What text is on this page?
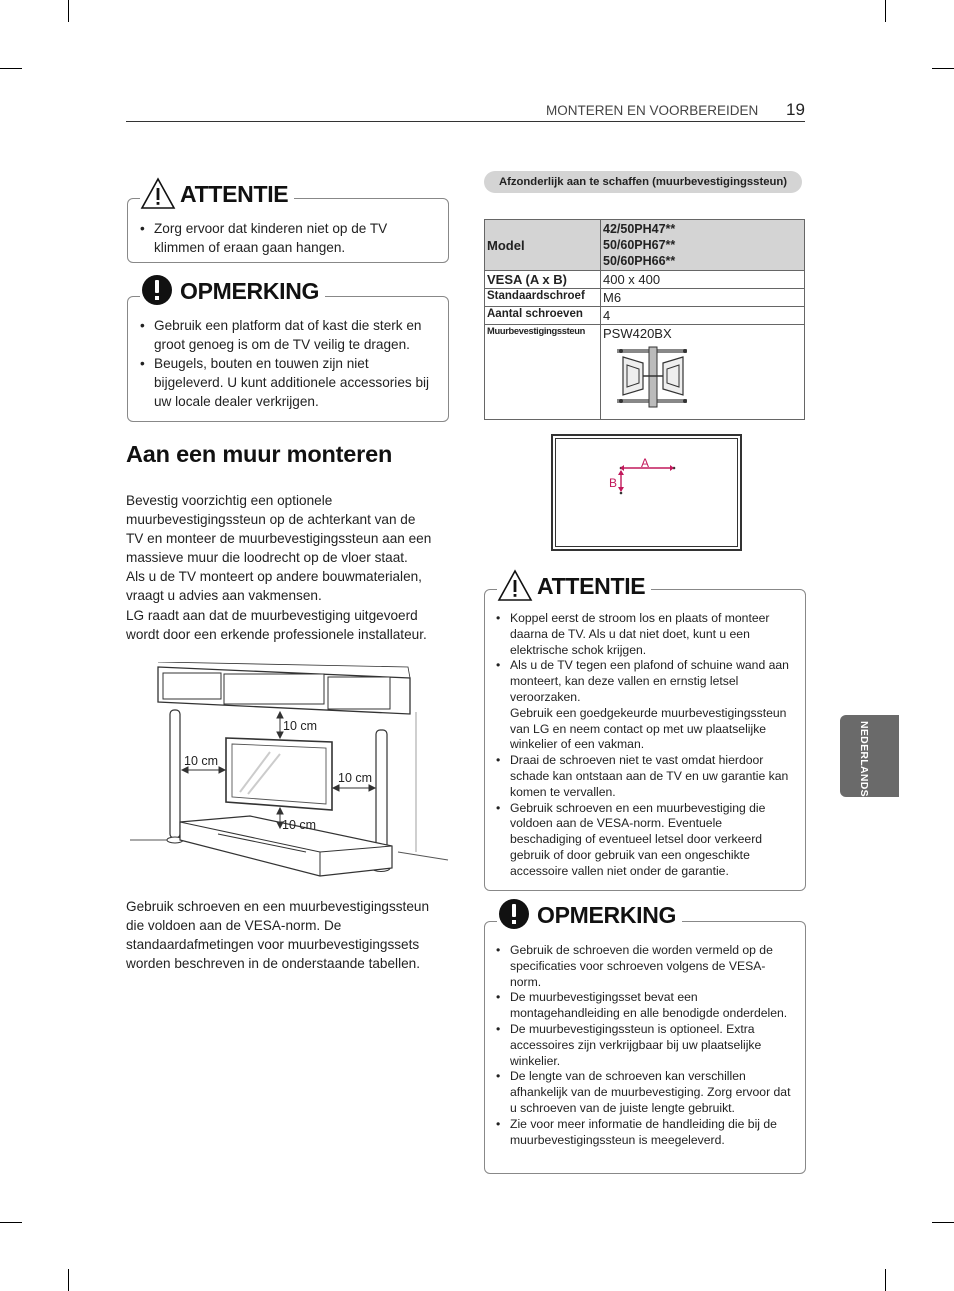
MONTEREN EN VOORBEREIDEN 19
ATTENTIE
• Zorg ervoor dat kinderen niet op de TV klimmen of eraan gaan hangen.
OPMERKING
• Gebruik een platform dat of kast die sterk en groot genoeg is om de TV veilig te dragen.
• Beugels, bouten en touwen zijn niet bijgeleverd. U kunt additionele accessories bij uw locale dealer verkrijgen.
Aan een muur monteren
Bevestig voorzichtig een optionele
muurbevestigingssteun op de achterkant van de
TV en monteer de muurbevestigingssteun aan een
massieve muur die loodrecht op de vloer staat.
Als u de TV monteert op andere bouwmaterialen,
vraagt u advies aan vakmensen.
LG raadt aan dat de muurbevestiging uitgevoerd
wordt door een erkende professionele installateur.
10 cm
10 cm
10 cm
10 cm
Gebruik schroeven en een muurbevestigingssteun
die voldoen aan de VESA-norm. De
standaardafmetingen voor muurbevestigingssets
worden beschreven in de onderstaande tabellen.
Afzonderlijk aan te schaffen (muurbevestigingssteun)
Model	42/50PH47**
50/60PH67**
50/60PH66**

VESA (A x B)	400 x 400
Standaardschroef	M6
Aantal schroeven	4
Muurbevestigingssteun	PSW420BX
A
B
ATTENTIE
• Koppel eerst de stroom los en plaats of monteer daarna de TV. Als u dat niet doet, kunt u een elektrische schok krijgen.
• Als u de TV tegen een plafond of schuine wand aan monteert, kan deze vallen en ernstig letsel veroorzaken.
Gebruik een goedgekeurde muurbevestigingssteun van LG en neem contact op met uw plaatselijke winkelier of een vakman.
• Draai de schroeven niet te vast omdat hierdoor schade kan ontstaan aan de TV en uw garantie kan komen te vervallen.
• Gebruik schroeven en een muurbevestiging die voldoen aan de VESA-norm. Eventuele beschadiging of eventueel letsel door verkeerd gebruik of door gebruik van een ongeschikte accessoire vallen niet onder de garantie.
OPMERKING
• Gebruik de schroeven die worden vermeld op de specificaties voor schroeven volgens de VESA-norm.
• De muurbevestigingsset bevat een montagehandleiding en alle benodigde onderdelen.
• De muurbevestigingssteun is optioneel. Extra accessoires zijn verkrijgbaar bij uw plaatselijke winkelier.
• De lengte van de schroeven kan verschillen afhankelijk van de muurbevestiging. Zorg ervoor dat u schroeven van de juiste lengte gebruikt.
• Zie voor meer informatie de handleiding die bij de muurbevestigingssteun is meegeleverd.
NEDERLANDS
